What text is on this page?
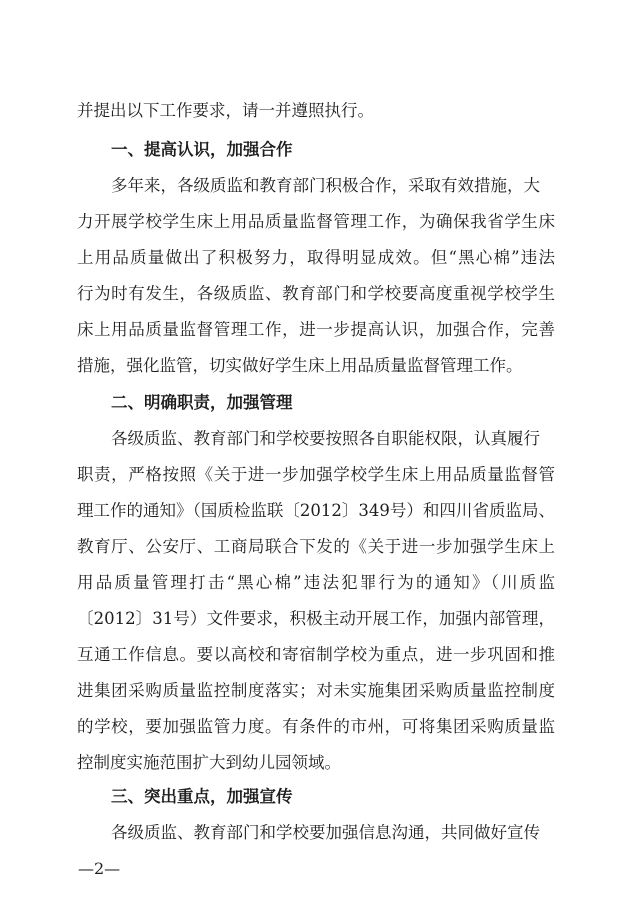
并提出以下工作要求，请一并遵照执行。
一、提高认识，加强合作
多年来，各级质监和教育部门积极合作，采取有效措施，大
力开展学校学生床上用品质量监督管理工作，为确保我省学生床
上用品质量做出了积极努力，取得明显成效。但“黑心棉”违法
行为时有发生，各级质监、教育部门和学校要高度重视学校学生
床上用品质量监督管理工作，进一步提高认识，加强合作，完善
措施，强化监管，切实做好学生床上用品质量监督管理工作。
二、明确职责，加强管理
各级质监、教育部门和学校要按照各自职能权限，认真履行
职责，严格按照《关于进一步加强学校学生床上用品质量监督管
理工作的通知》（国质检监联〔2012〕349号）和四川省质监局、
教育厅、公安厅、工商局联合下发的《关于进一步加强学生床上
用品质量管理打击“黑心棉”违法犯罪行为的通知》（川质监
〔2012〕31号）文件要求，积极主动开展工作，加强内部管理，
互通工作信息。要以高校和寄宿制学校为重点，进一步巩固和推
进集团采购质量监控制度落实；对未实施集团采购质量监控制度
的学校，要加强监管力度。有条件的市州，可将集团采购质量监
控制度实施范围扩大到幼儿园领域。
三、突出重点，加强宣传
各级质监、教育部门和学校要加强信息沟通，共同做好宣传
—2—
